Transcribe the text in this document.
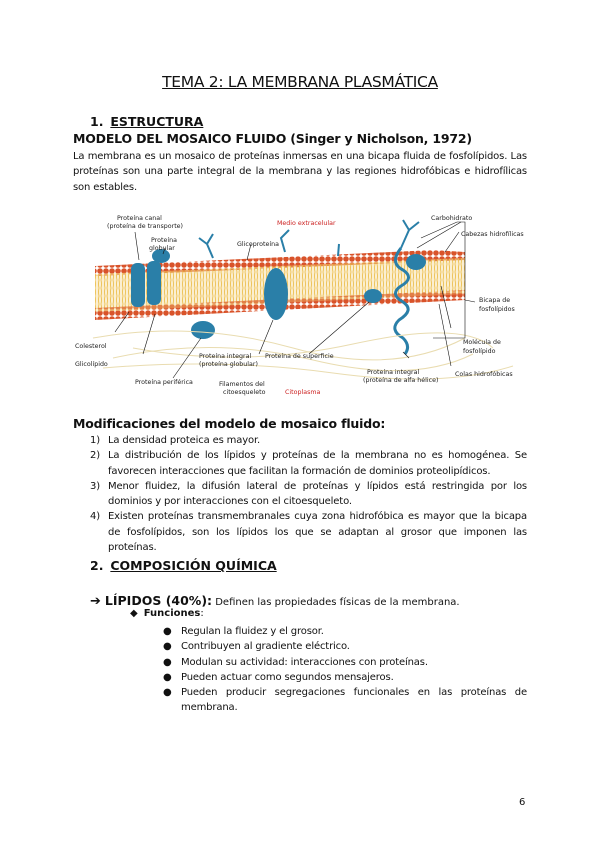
TEMA 2: LA MEMBRANA PLASMÁTICA
1. ESTRUCTURA
MODELO DEL MOSAICO FLUIDO (Singer y Nicholson, 1972)
La membrana es un mosaico de proteínas inmersas en una bicapa fluida de fosfolípidos. Las proteínas son una parte integral de la membrana y las regiones hidrofóbicas e hidrofílicas son estables.
Proteína canal
(proteína de transporte)
Proteína
globular
Medio extracelular
Glicoproteína
Carbohidrato
Cabezas hidrofílicas
Bicapa de
fosfolípidos
Molécula de
fosfolípido
Colesterol
Glicolípido
Proteína periférica
Proteína integral
(proteína globular)
Proteína de superficie
Filamentos del
citoesqueleto	Citoplasma
Proteína integral
(proteína de alfa hélice)
Colas hidrofóbicas
Modificaciones del modelo de mosaico fluido:
1) La densidad proteica es mayor.
2) La distribución de los lípidos y proteínas de la membrana no es homogénea. Se favorecen interacciones que facilitan la formación de dominios proteolipídicos.
3) Menor fluidez, la difusión lateral de proteínas y lípidos está restringida por los dominios y por interacciones con el citoesqueleto.
4) Existen proteínas transmembranales cuya zona hidrofóbica es mayor que la bicapa de fosfolípidos, son los lípidos los que se adaptan al grosor que imponen las proteínas.
2. COMPOSICIÓN QUÍMICA
➔ LÍPIDOS (40%): Definen las propiedades físicas de la membrana.
◆ Funciones:
● Regulan la fluidez y el grosor.
● Contribuyen al gradiente eléctrico.
● Modulan su actividad: interacciones con proteínas.
● Pueden actuar como segundos mensajeros.
● Pueden producir segregaciones funcionales en las proteínas de membrana.
6
